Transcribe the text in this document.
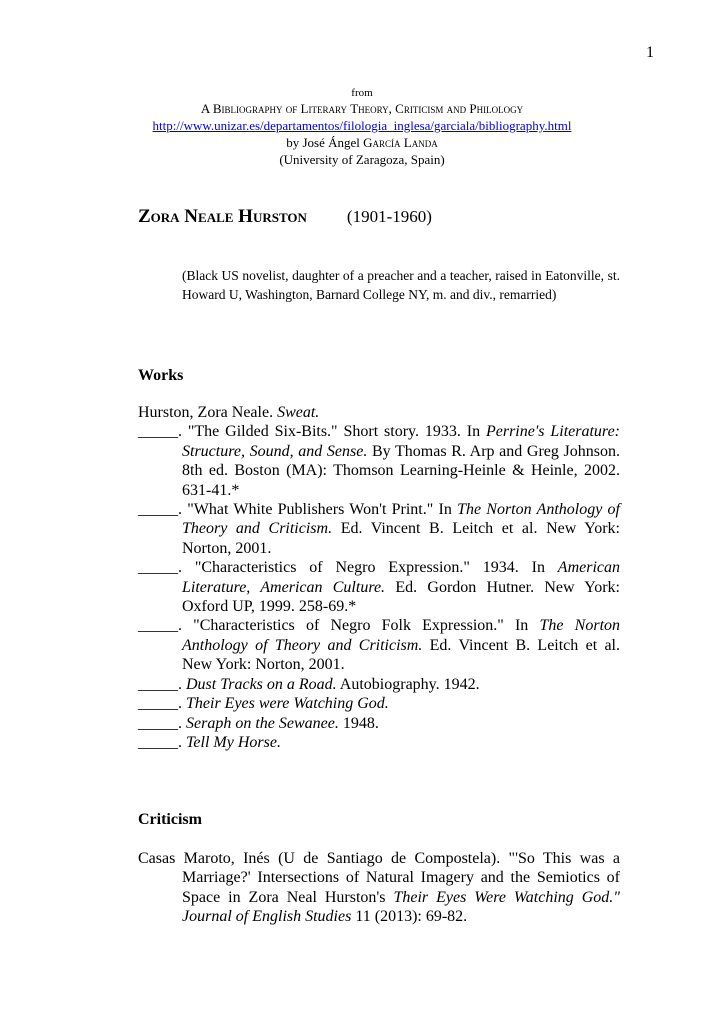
1
from
A Bibliography of Literary Theory, Criticism and Philology
http://www.unizar.es/departamentos/filologia_inglesa/garciala/bibliography.html
by José Ángel García Landa
(University of Zaragoza, Spain)
Zora Neale Hurston (1901-1960)
(Black US novelist, daughter of a preacher and a teacher, raised in Eatonville, st. Howard U, Washington, Barnard College NY, m. and div., remarried)
Works

Hurston, Zora Neale. Sweat.

_____. "The Gilded Six-Bits." Short story. 1933. In Perrine's Literature: Structure, Sound, and Sense. By Thomas R. Arp and Greg Johnson. 8th ed. Boston (MA): Thomson Learning-Heinle & Heinle, 2002. 631-41.*

_____. "What White Publishers Won't Print." In The Norton Anthology of Theory and Criticism. Ed. Vincent B. Leitch et al. New York: Norton, 2001.

_____. "Characteristics of Negro Expression." 1934. In American Literature, American Culture. Ed. Gordon Hutner. New York: Oxford UP, 1999. 258-69.*

_____. "Characteristics of Negro Folk Expression." In The Norton Anthology of Theory and Criticism. Ed. Vincent B. Leitch et al. New York: Norton, 2001.

_____. Dust Tracks on a Road. Autobiography. 1942.

_____. Their Eyes were Watching God.

_____. Seraph on the Sewanee. 1948.

_____. Tell My Horse.

Criticism

Casas Maroto, Inés (U de Santiago de Compostela). "'So This was a Marriage?' Intersections of Natural Imagery and the Semiotics of Space in Zora Neal Hurston's Their Eyes Were Watching God." Journal of English Studies 11 (2013): 69-82.
